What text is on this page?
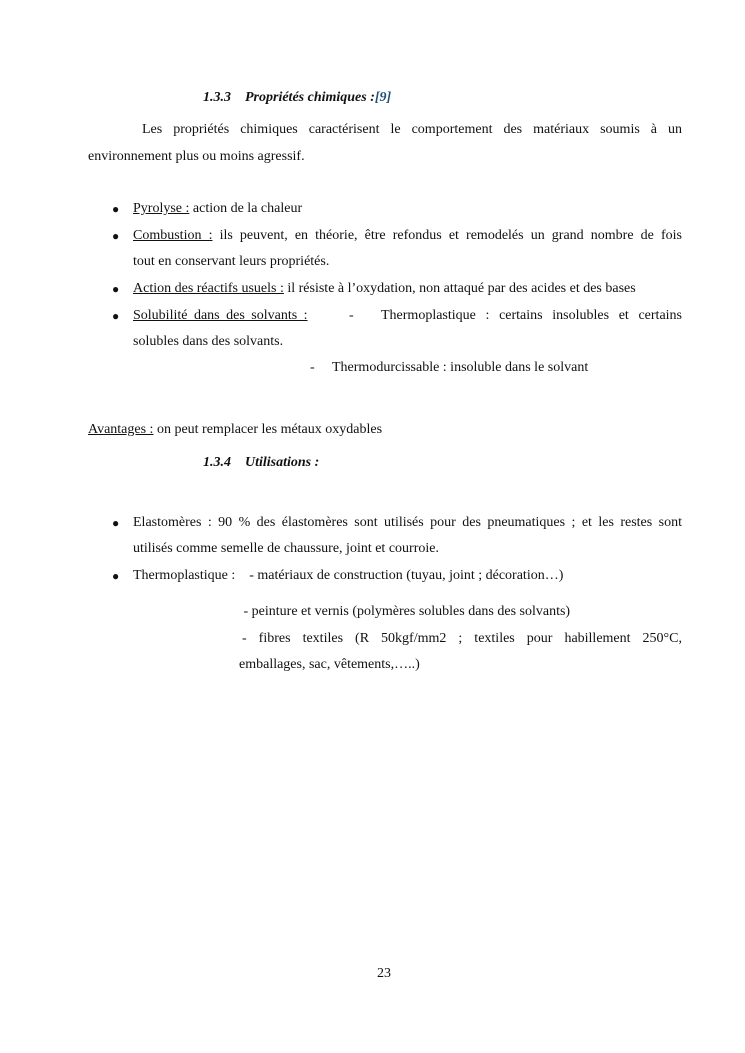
1.3.3 Propriétés chimiques :[9]
Les propriétés chimiques caractérisent le comportement des matériaux soumis à un
environnement plus ou moins agressif.
● Pyrolyse : action de la chaleur
● Combustion : ils peuvent, en théorie, être refondus et remodelés un grand nombre de fois
tout en conservant leurs propriétés.
● Action des réactifs usuels : il résiste à l’oxydation, non attaqué par des acides et des bases
● Solubilité dans des solvants :	- Thermoplastique : certains insolubles et certains
solubles dans des solvants.
- Thermodurcissable : insoluble dans le solvant
Avantages : on peut remplacer les métaux oxydables
1.3.4 Utilisations :
● Elastomères : 90 % des élastomères sont utilisés pour des pneumatiques ; et les restes sont
utilisés comme semelle de chaussure, joint et courroie.
● Thermoplastique :    - matériaux de construction (tuyau, joint ; décoration…)
- peinture et vernis (polymères solubles dans des solvants)
- fibres textiles (R 50kgf/mm2 ; textiles pour habillement 250°C,
emballages, sac, vêtements,…..)
23
